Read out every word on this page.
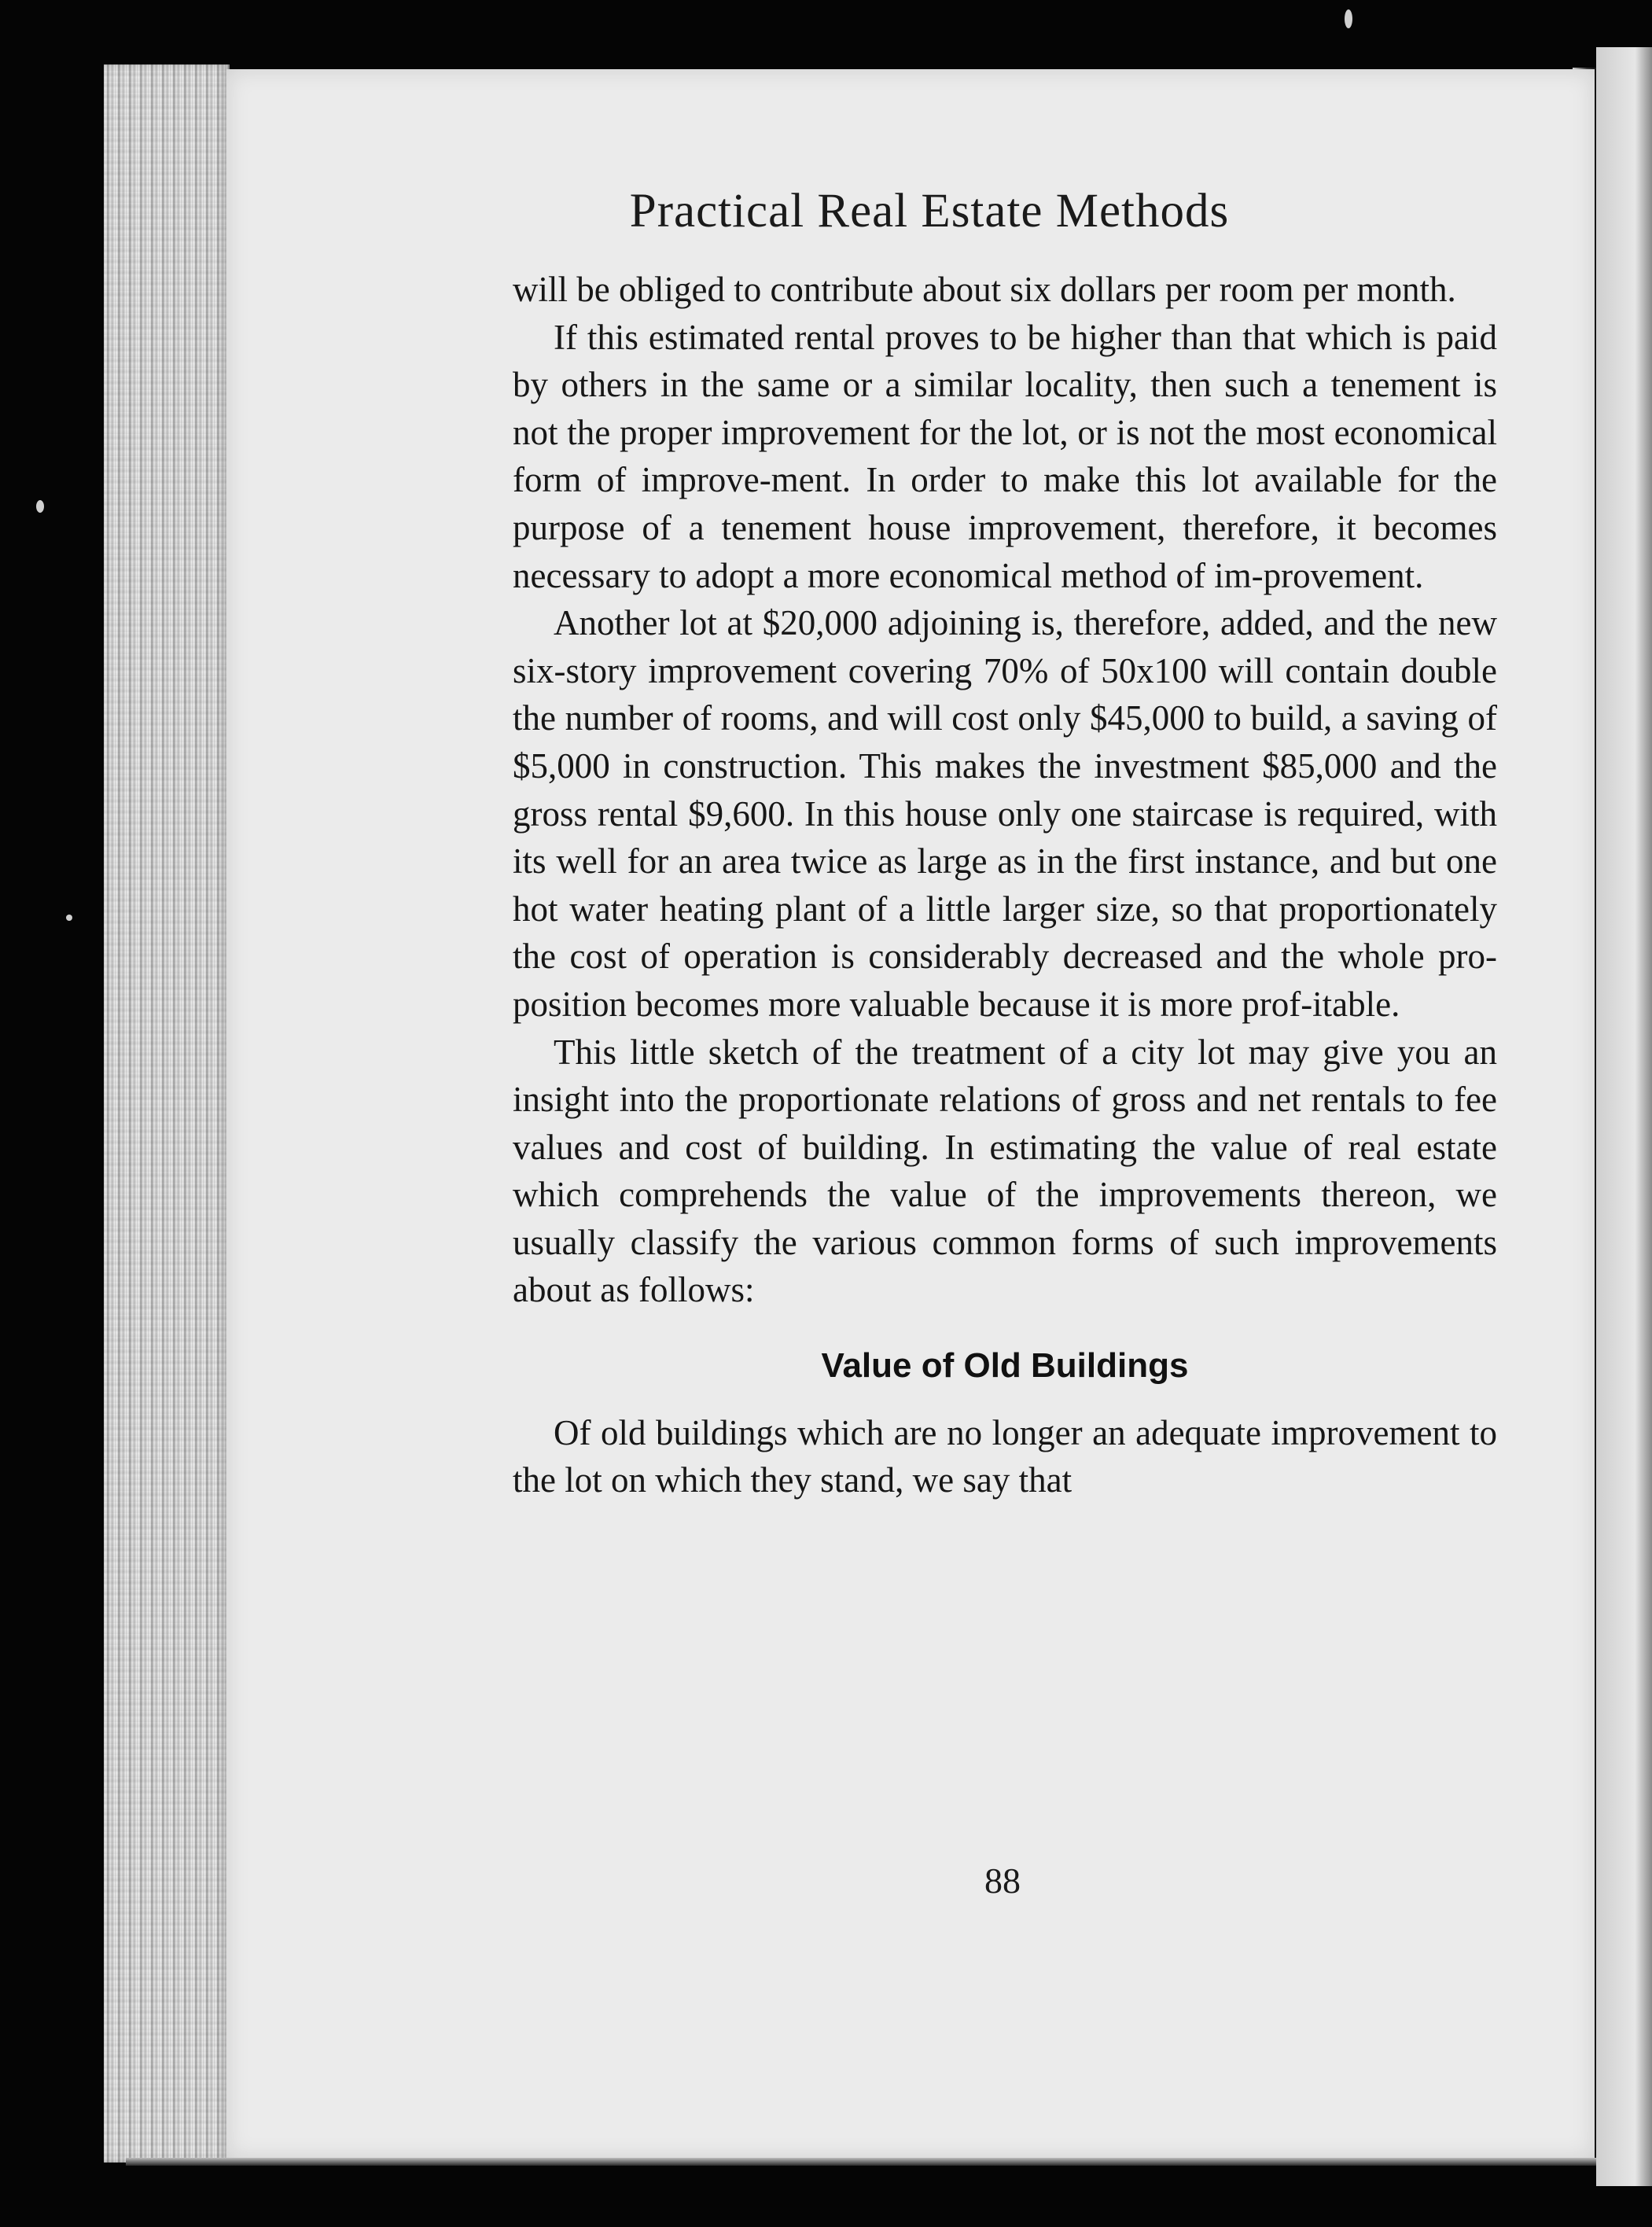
Practical Real Estate Methods

will be obliged to contribute about six dollars per room per month.

If this estimated rental proves to be higher than that which is paid by others in the same or a similar locality, then such a tenement is not the proper improvement for the lot, or is not the most economical form of improve-ment. In order to make this lot available for the purpose of a tenement house improvement, therefore, it becomes necessary to adopt a more economical method of im-provement.

Another lot at $20,000 adjoining is, therefore, added, and the new six-story improvement covering 70% of 50x100 will contain double the number of rooms, and will cost only $45,000 to build, a saving of $5,000 in construction. This makes the investment $85,000 and the gross rental $9,600. In this house only one staircase is required, with its well for an area twice as large as in the first instance, and but one hot water heating plant of a little larger size, so that proportionately the cost of operation is considerably decreased and the whole pro-position becomes more valuable because it is more prof-itable.

This little sketch of the treatment of a city lot may give you an insight into the proportionate relations of gross and net rentals to fee values and cost of building. In estimating the value of real estate which comprehends the value of the improvements thereon, we usually classify the various common forms of such improvements about as follows:

Value of Old Buildings

Of old buildings which are no longer an adequate improvement to the lot on which they stand, we say that

88
